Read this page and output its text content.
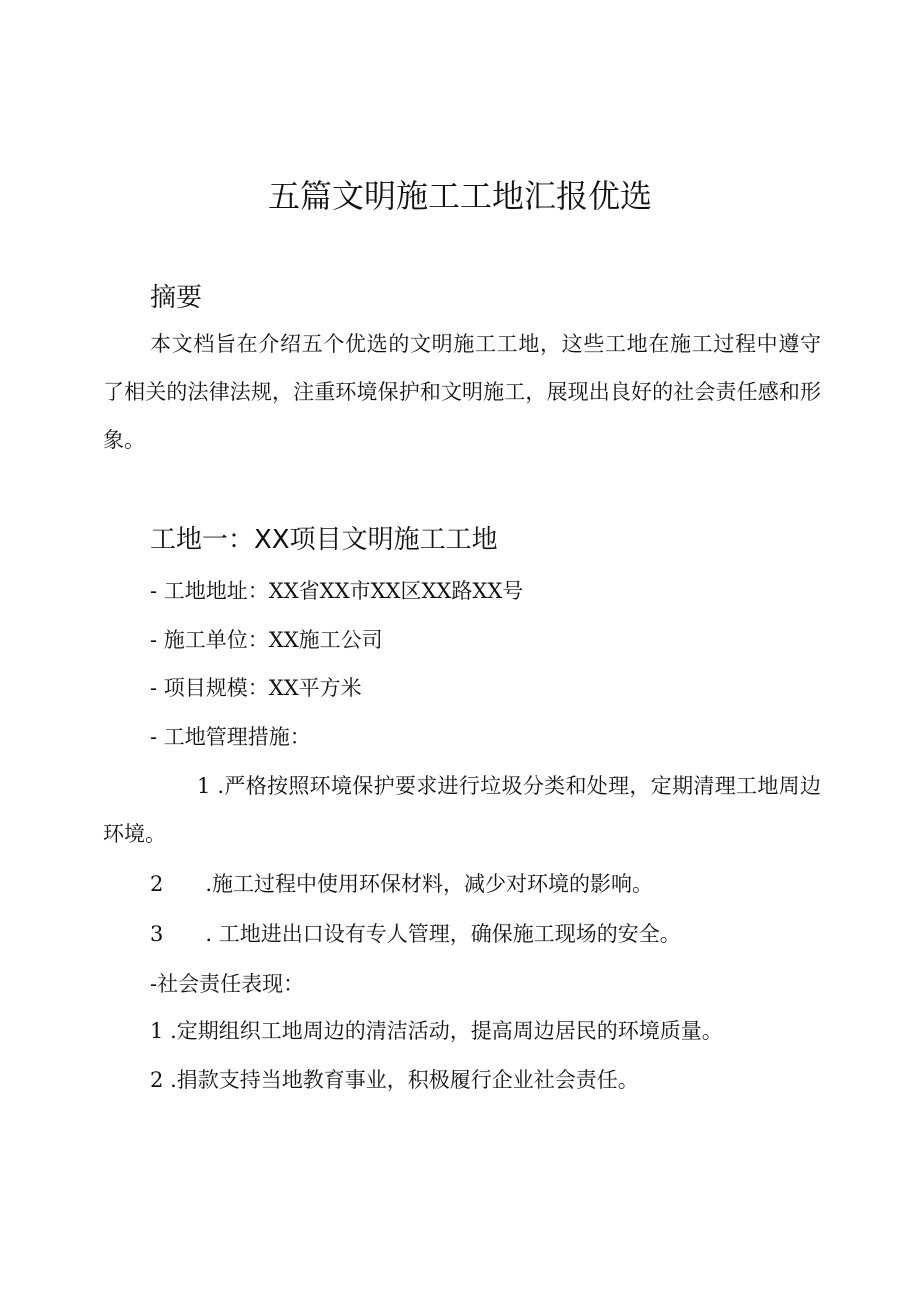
五篇文明施工工地汇报优选
摘要

本文档旨在介绍五个优选的文明施工工地，这些工地在施工过程中遵守了相关的法律法规，注重环境保护和文明施工，展现出良好的社会责任感和形象。

工地一：XX项目文明施工工地

- 工地地址：XX省XX市XX区XX路XX号

- 施工单位：XX施工公司

- 项目规模：XX平方米

- 工地管理措施：

1 .严格按照环境保护要求进行垃圾分类和处理，定期清理工地周边环境。

2 .施工过程中使用环保材料，减少对环境的影响。

3 . 工地进出口设有专人管理，确保施工现场的安全。

-社会责任表现：

1 .定期组织工地周边的清洁活动，提高周边居民的环境质量。

2 .捐款支持当地教育事业，积极履行企业社会责任。
